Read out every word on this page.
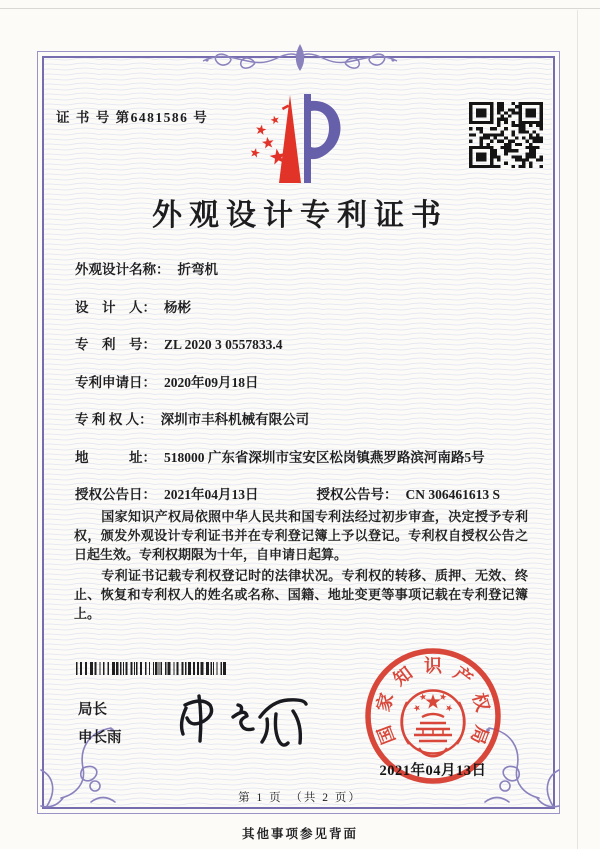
证 书 号 第6481586 号
外观设计专利证书
外观设计名称： 折弯机
设　计　人： 杨彬
专　利　号： ZL 2020 3 0557833.4
专利申请日： 2020年09月18日
专 利 权 人： 深圳市丰科机械有限公司
地　　　址： 518000 广东省深圳市宝安区松岗镇燕罗路滨河南路5号
授权公告日： 2021年04月13日	授权公告号： CN 306461613 S

国家知识产权局依照中华人民共和国专利法经过初步审查，决定授予专利权，颁发外观设计专利证书并在专利登记簿上予以登记。专利权自授权公告之日起生效。专利权期限为十年，自申请日起算。

专利证书记载专利权登记时的法律状况。专利权的转移、质押、无效、终止、恢复和专利权人的姓名或名称、国籍、地址变更等事项记载在专利登记簿上。

局长
申长雨	国
家
知 识 产
权
局
2021年04月13日
第 1 页　（共 2 页）
其他事项参见背面
